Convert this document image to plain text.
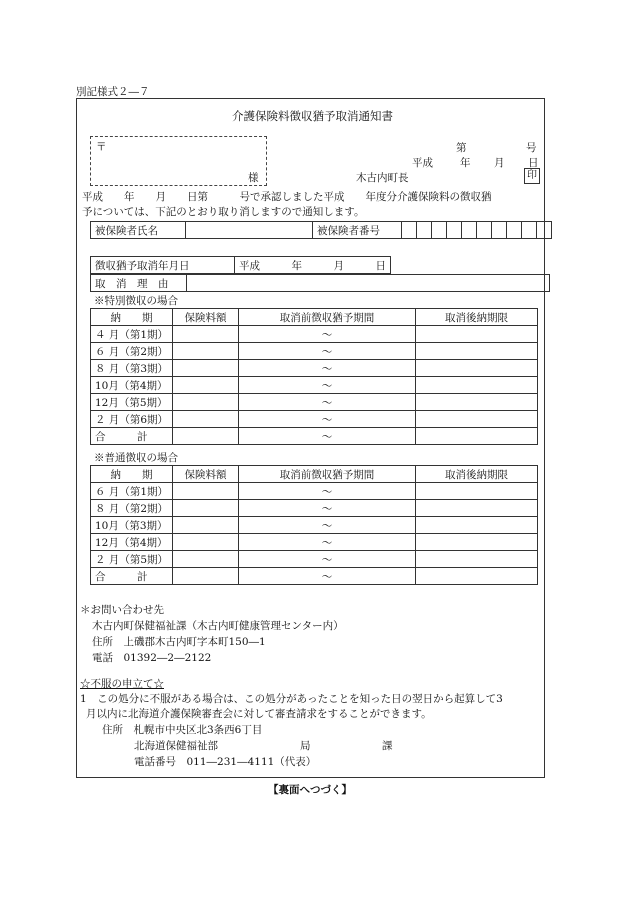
別記様式２―７
介護保険料徴収猶予取消通知書
〒
様
第	号
平成	年 月 日
木古内町長	印
平成　　年　　月　　日第　　　号で承認しました平成　　年度分介護保険料の徴収猶
予については、下記のとおり取り消しますので通知します。
被保険者氏名		被保険者番号										
徴収猶予取消年月日	平成　　　年　　　月　　　日
取　消　理　由	
※特別徴収の場合
納　　期	保険料額	取消前徴収猶予期間	取消後納期限
４ 月（第1期）		～	
６ 月（第2期）		～	
８ 月（第3期）		～	
10月（第4期）		～	
12月（第5期）		～	
２ 月（第6期）		～	
合　　　計		～	
※普通徴収の場合
納　　期	保険料額	取消前徴収猶予期間	取消後納期限
６ 月（第1期）		～	
８ 月（第2期）		～	
10月（第3期）		～	
12月（第4期）		～	
２ 月（第5期）		～	
合　　　計		～	
＊お問い合わせ先
木古内町保健福祉課（木古内町健康管理センター内）
住所　上磯郡木古内町字本町150―1
電話　01392―2―2122
☆不服の申立て☆
1　この処分に不服がある場合は、この処分があったことを知った日の翌日から起算して3
月以内に北海道介護保険審査会に対して審査請求をすることができます。
住所　札幌市中央区北3条西6丁目
北海道保健福祉部	局	課
電話番号　011―231―4111（代表）
【裏面へつづく】
